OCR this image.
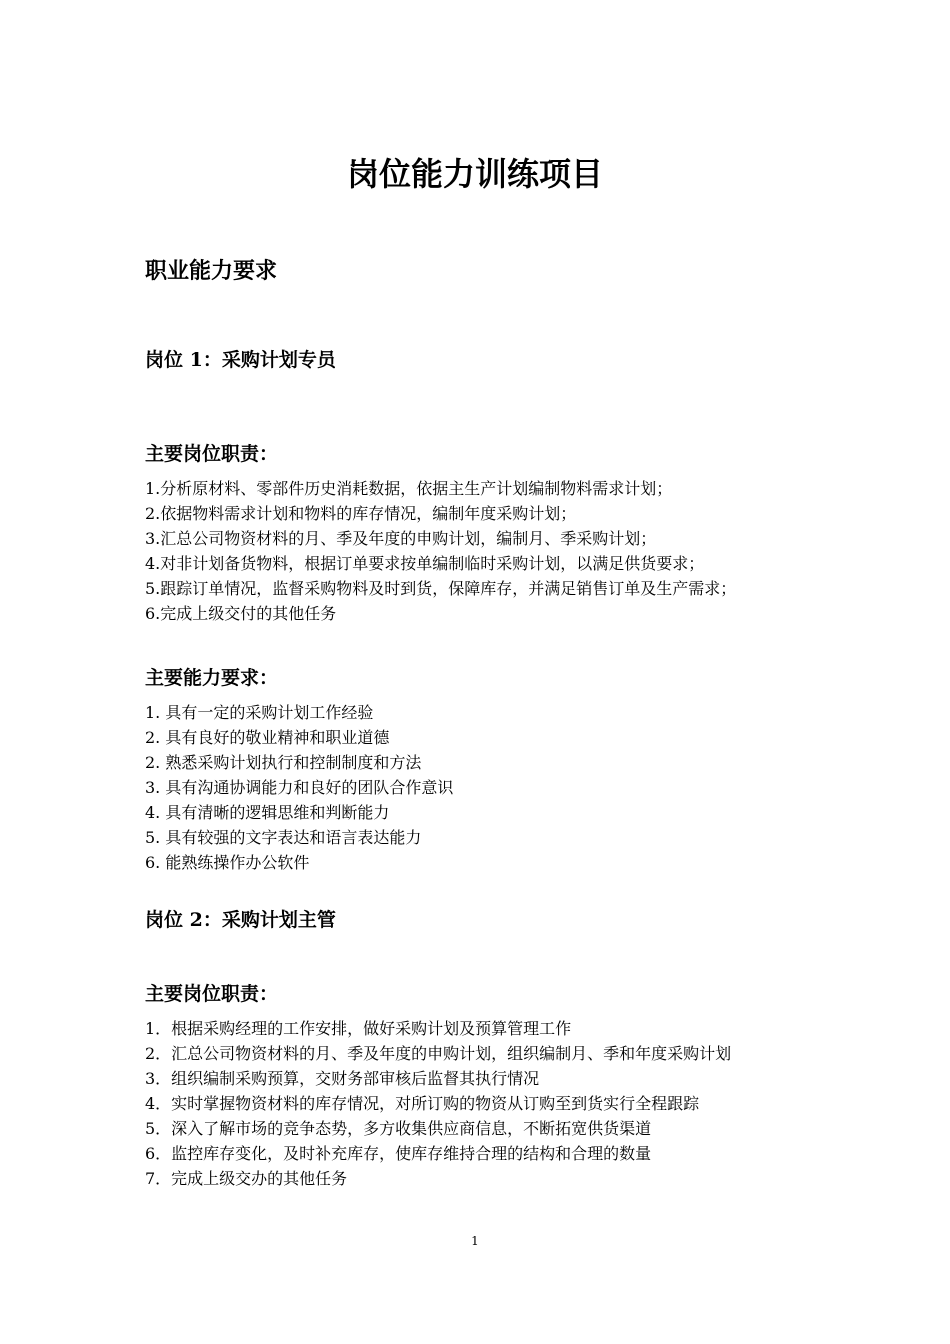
岗位能力训练项目
职业能力要求

岗位 1：采购计划专员

主要岗位职责：

1.分析原材料、零部件历史消耗数据，依据主生产计划编制物料需求计划；
2.依据物料需求计划和物料的库存情况，编制年度采购计划；
3.汇总公司物资材料的月、季及年度的申购计划，编制月、季采购计划；
4.对非计划备货物料，根据订单要求按单编制临时采购计划，以满足供货要求；
5.跟踪订单情况，监督采购物料及时到货，保障库存，并满足销售订单及生产需求；
6.完成上级交付的其他任务

主要能力要求：

1. 具有一定的采购计划工作经验
2. 具有良好的敬业精神和职业道德
2. 熟悉采购计划执行和控制制度和方法
3. 具有沟通协调能力和良好的团队合作意识
4. 具有清晰的逻辑思维和判断能力
5. 具有较强的文字表达和语言表达能力
6. 能熟练操作办公软件

岗位 2：采购计划主管

主要岗位职责：

1．根据采购经理的工作安排，做好采购计划及预算管理工作
2．汇总公司物资材料的月、季及年度的申购计划，组织编制月、季和年度采购计划
3．组织编制采购预算，交财务部审核后监督其执行情况
4．实时掌握物资材料的库存情况，对所订购的物资从订购至到货实行全程跟踪
5．深入了解市场的竞争态势，多方收集供应商信息，不断拓宽供货渠道
6．监控库存变化，及时补充库存，使库存维持合理的结构和合理的数量
7．完成上级交办的其他任务
1
